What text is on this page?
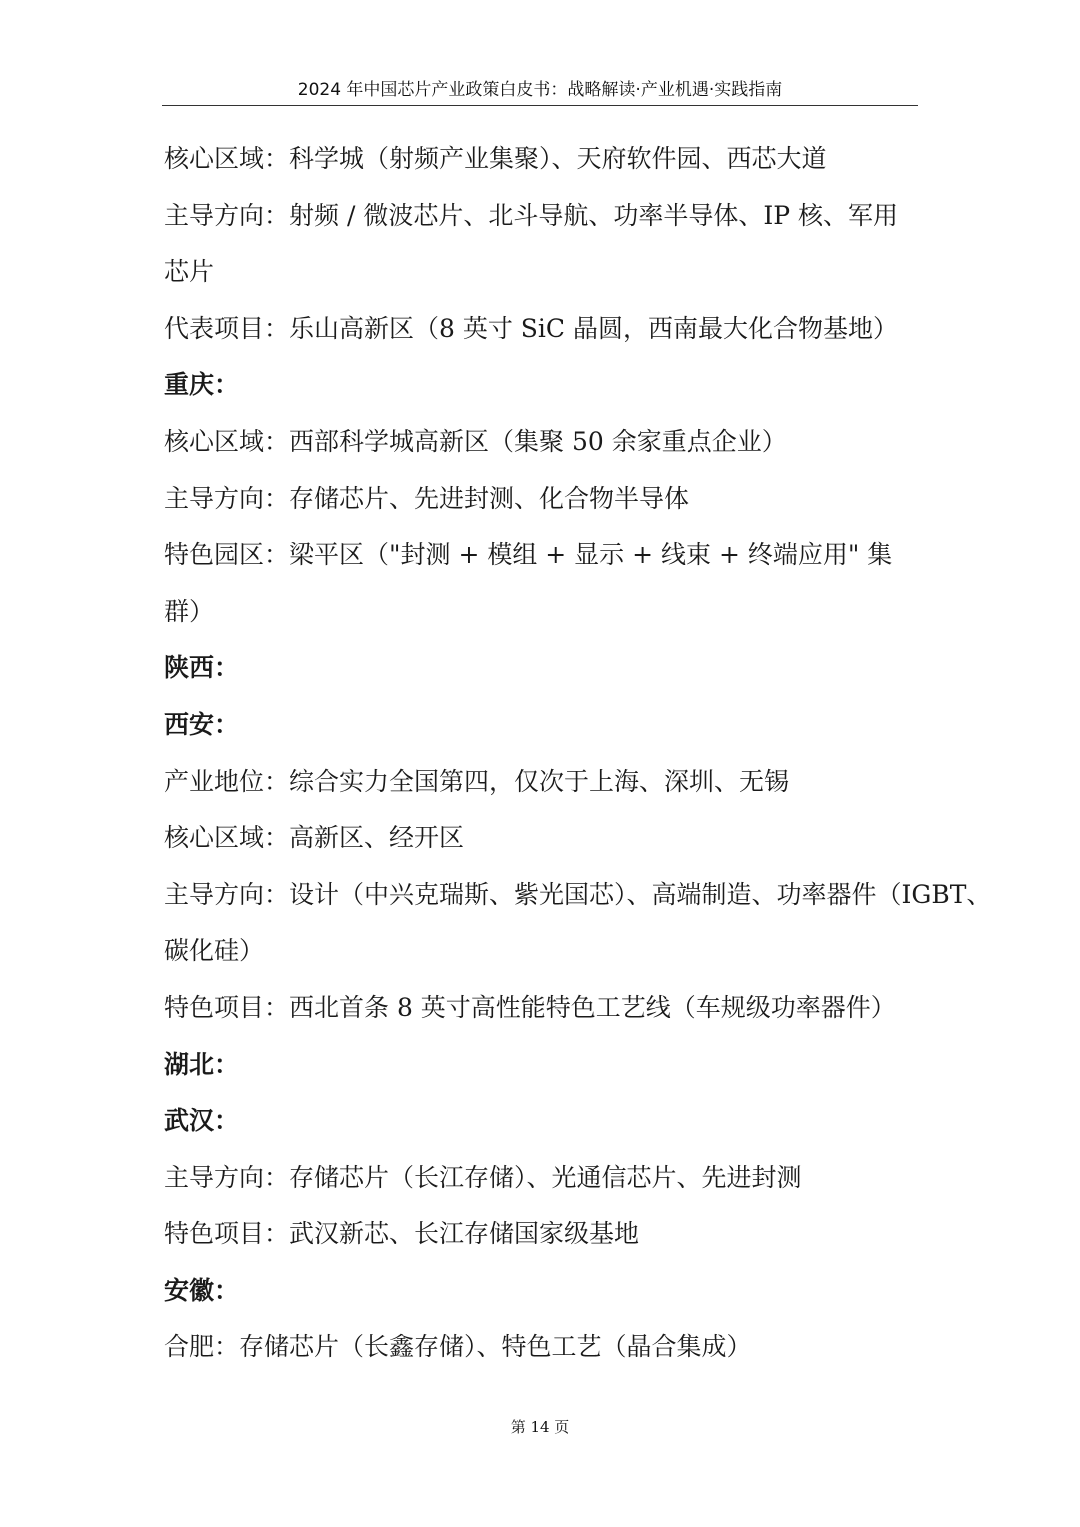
2024 年中国芯片产业政策白皮书：战略解读·产业机遇·实践指南
核心区域：科学城（射频产业集聚）、天府软件园、西芯大道
主导方向：射频 / 微波芯片、北斗导航、功率半导体、IP 核、军用
芯片
代表项目：乐山高新区（8 英寸 SiC 晶圆，西南最大化合物基地）
重庆：
核心区域：西部科学城高新区（集聚 50 余家重点企业）
主导方向：存储芯片、先进封测、化合物半导体
特色园区：梁平区（"封测 + 模组 + 显示 + 线束 + 终端应用" 集
群）
陕西：
西安：
产业地位：综合实力全国第四，仅次于上海、深圳、无锡
核心区域：高新区、经开区
主导方向：设计（中兴克瑞斯、紫光国芯）、高端制造、功率器件（IGBT、
碳化硅）
特色项目：西北首条 8 英寸高性能特色工艺线（车规级功率器件）
湖北：
武汉：
主导方向：存储芯片（长江存储）、光通信芯片、先进封测
特色项目：武汉新芯、长江存储国家级基地
安徽：
合肥：存储芯片（长鑫存储）、特色工艺（晶合集成）
第 14 页
